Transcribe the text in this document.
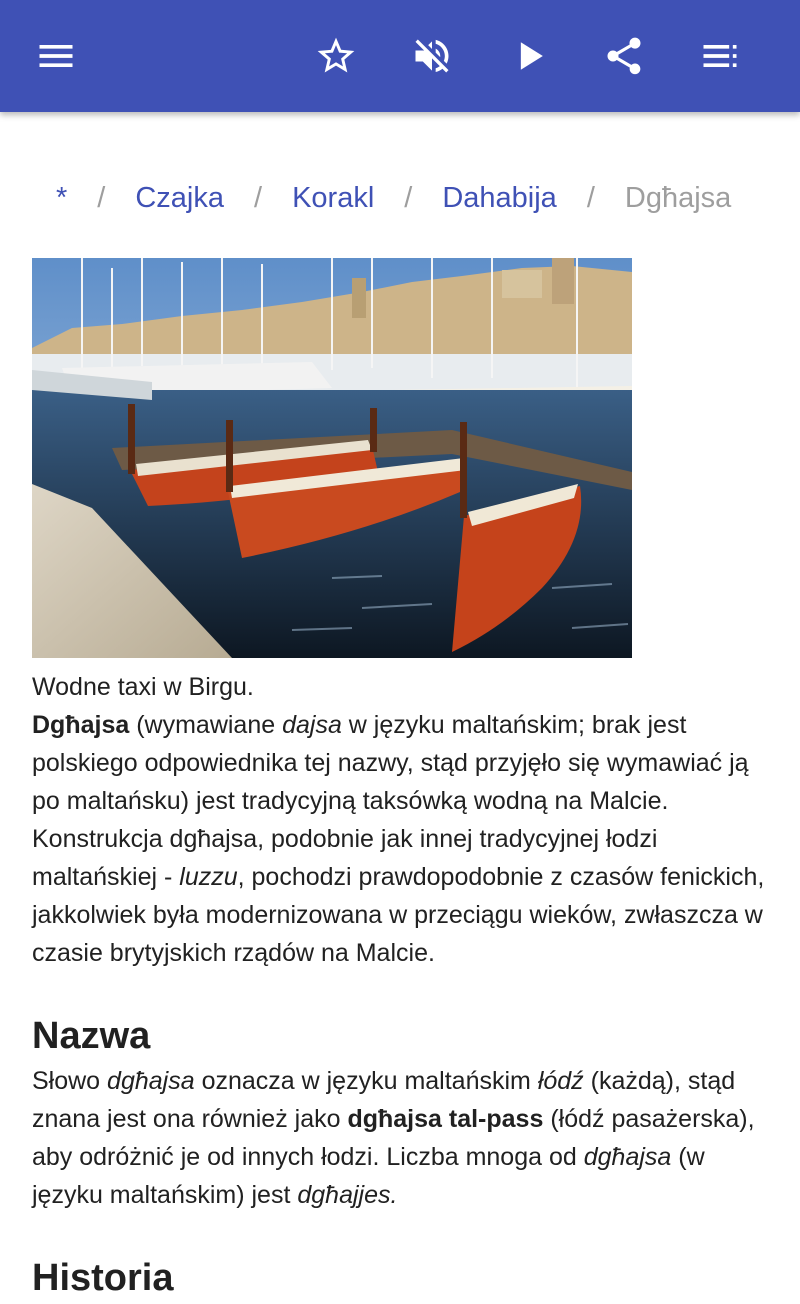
* / Czajka / Korakl / Dahabija / Dgħajsa

Wodne taxi w Birgu.

Dgħajsa (wymawiane dajsa w języku maltańskim; brak jest polskiego odpowiednika tej nazwy, stąd przyjęło się wymawiać ją po maltańsku) jest tradycyjną taksówką wodną na Malcie. Konstrukcja dgħajsa, podobnie jak innej tradycyjnej łodzi maltańskiej - luzzu, pochodzi prawdopodobnie z czasów fenickich, jakkolwiek była modernizowana w przeciągu wieków, zwłaszcza w czasie brytyjskich rządów na Malcie.

Nazwa

Słowo dgħajsa oznacza w języku maltańskim łódź (każdą), stąd znana jest ona również jako dgħajsa tal-pass (łódź pasażerska), aby odróżnić je od innych łodzi. Liczba mnoga od dgħajsa (w języku maltańskim) jest dgħajjes.

Historia
